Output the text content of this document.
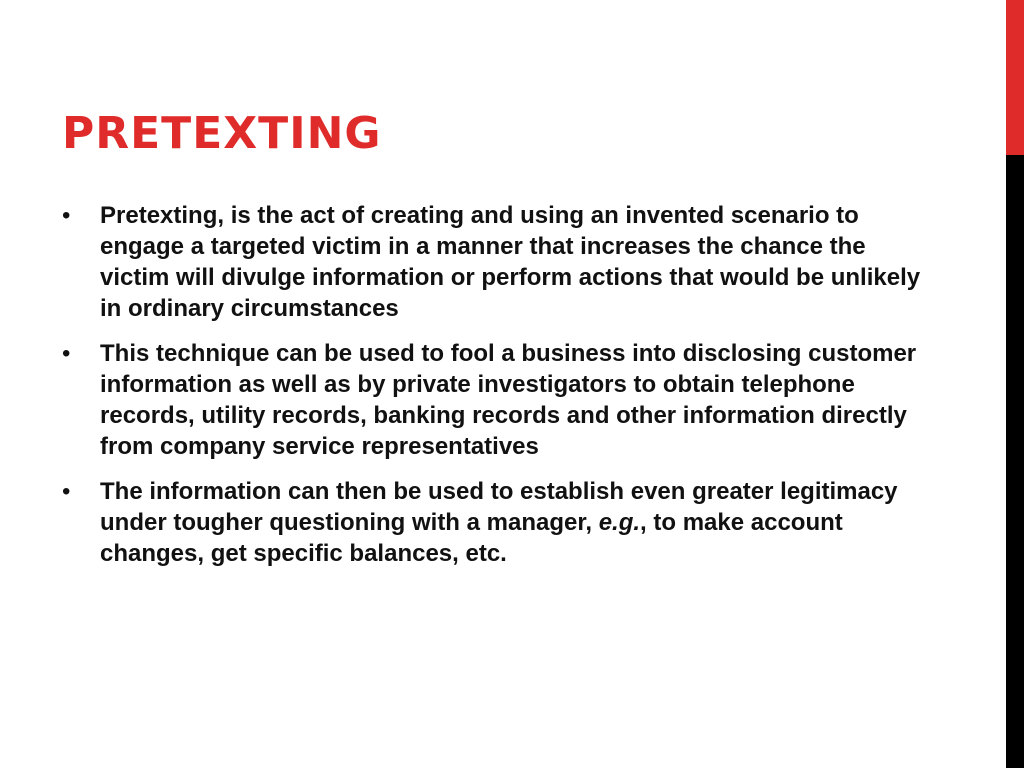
PRETEXTING
• Pretexting, is the act of creating and using an invented scenario to engage a targeted victim in a manner that increases the chance the victim will divulge information or perform actions that would be unlikely in ordinary circumstances
• This technique can be used to fool a business into disclosing customer information as well as by private investigators to obtain telephone records, utility records, banking records and other information directly from company service representatives
• The information can then be used to establish even greater legitimacy under tougher questioning with a manager, e.g., to make account changes, get specific balances, etc.
